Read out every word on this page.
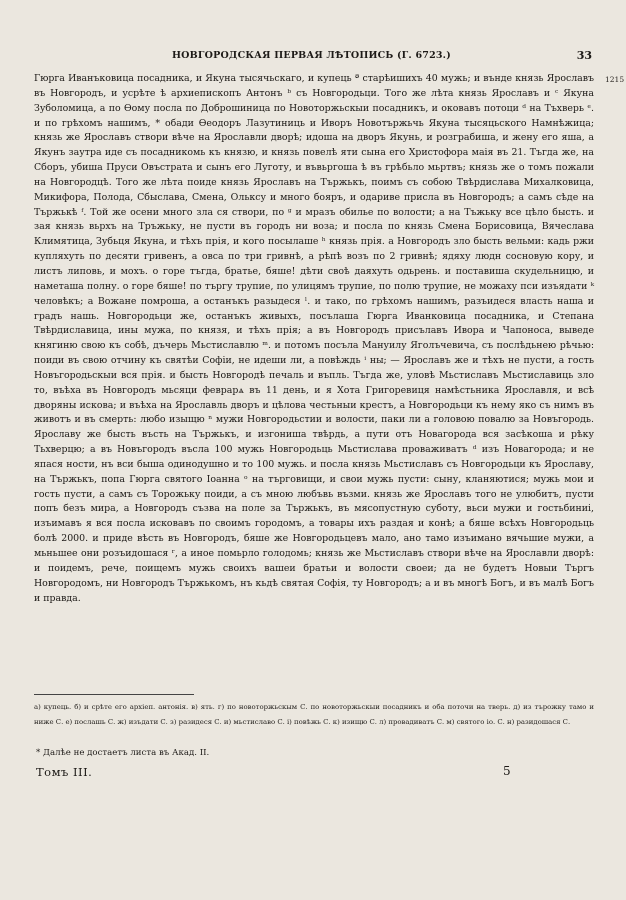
НОВГОРОДСКАЯ ПЕРВАЯ ЛѢТОПИСЬ (Г. 6723.)	33
1215

Гюрга Иванъковица посадника, и Якуна тысячьскаго, и купець ª старѣишихъ 40 мужь; и вънде князь Ярославъ въ Новгородъ, и усрѣте ѣ архиепископъ Антонъ ᵇ съ Новгородьци. Того же лѣта князь Ярославъ и ᶜ Якуна Зуболомица, а по Ѳому посла по Доброшиница по Новоторжьскыи посадникъ, и оковавъ потоци ᵈ на Тъхверь ᵉ. и по грѣхомъ нашимъ, * обади Ѳеодоръ Лазутиниць и Иворъ Новотържьчь Якуна тысяцьского Намнѣжица; князь же Ярославъ створи вѣче на Ярославли дворѣ; идоша на дворъ Якунь, и розграбиша, и жену его яша, а Якунъ заутра иде съ посадникомь къ князю, и князь повелѣ яти сына его Христофора маія въ 21. Тъгда же, на Сборъ, убиша Пруси Овъстрата и сынъ его Луготу, и въвьргоша ѣ въ грѣбьло мьртвъ; князь же о томъ пожали на Новгородцѣ. Того же лѣта поиде князь Ярославъ на Тържькъ, поимъ съ собою Твѣрдислава Михалковица, Микифора, Полода, Сбыслава, Смена, Ольксу и много бояръ, и одариве присла въ Новгородъ; а самъ сѣде на Тържькѣ ᶠ. Той же осени много зла ся створи, по ᵍ и мразъ обилье по волости; а на Тъжьку все цѣло бысть. и зая князь вьрхъ на Тръжьку, не пусти въ городъ ни воза; и посла по князь Смена Борисовица, Вячеслава Климятица, Зубьця Якуна, и тѣхъ прія, и кого посылаше ʰ князь прія. а Новгородъ зло бысть вельми: кадь ржи купляхуть по десяти гривенъ, а овса по три гривнѣ, а рѣпѣ возъ по 2 гривнѣ; ядяху людн сосновую кору, и листъ липовь, и мохъ. о горе тъгда, братье, бяше! дѣти своѣ даяхуть одьрень. и поставиша скудельницю, и наметаша полну. о горе бяше! по търгу трупие, по улицямъ трупие, по полю трупие, не можаху пси изъядати ᵏ человѣкъ; а Вожане помроша, а останъкъ разыдеся ˡ. и тако, по грѣхомъ нашимъ, разъидеся власть наша и градъ нашь. Новгородьци же, останъкъ живыхъ, посълаша Гюрга Иванковица посадника, и Степана Твѣрдиславица, ины мужа, по князя, и тѣхъ прія; а въ Новгородъ присълавъ Ивора и Чапоноса, выведе княгиню свою къ собѣ, дъчерь Мьстиславлю ᵐ. и потомъ посъла Мануилу Яголъчевича, съ послѣдьнею рѣчью: поиди въ свою отчину къ святѣи Софіи, не идеши ли, а повѣждь ⁱ ны; — Ярославъ же и тѣхъ не пусти, а гость Новъгородьскыи вся прія. и бысть Новгородѣ печаль и въпль. Тъгда же, уловѣ Мьстиславъ Мьстиславиць зло то, въѣха въ Новгородъ мьсяци феврарѧ въ 11 день, и я Хота Григоревиця намѣстьника Ярославля, и всѣ дворяны искова; и въѣха на Ярославль дворъ и цѣлова честьныи крестъ, а Новгородьци къ нему яко съ нимъ въ животъ и въ смерть: любо изыщю ⁿ мужи Новгородьстии и волости, паки ли а головою повалю за Новъгородь. Ярославу же бысть въсть на Тържькъ, и изгониша твѣрдь, а пути отъ Новагорода вся засѣкоша и рѣку Тьхверцю; а въ Новъгородъ въсла 100 мужь Новгородьць Мьстислава проваживатъ ᵈ изъ Новагорода; и не япася ности, нъ вси быша одинодушно и то 100 мужь. и посла князь Мьстиславъ съ Новгородьци къ Ярославу, на Тържькъ, попа Гюрга святого Іоанна ᵒ на търговищи, и свои мужь пусти: сыну, кланяютися; мужь мои и гость пусти, а самъ съ Торожьку поиди, а съ мною любъвь възми. князь же Ярославъ того не улюбитъ, пусти попъ безъ мира, а Новгородъ съзва на поле за Тържькъ, въ мясопустную суботу, вьси мужи и гостьбиниi, изъимавъ я вся посла исковавъ по своимъ городомъ, а товары ихъ раздая и конѣ; а бяше всѣхъ Новгородьць болѣ 2000. и приде вѣсть въ Новгородъ, бяше же Новгородьцевъ мало, ано тамо изъимано вячьшие мужи, а мьньшее они розъидошася ʳ, а иное помьрло голодомь; князь же Мьстиславъ створи вѣче на Ярославли дворѣ: и поидемъ, рече, поищемъ мужь своихъ вашеи братьи и волости своеи; да не будетъ Новыи Търгъ Новгородомъ, ни Новгородъ Тържькомъ, нъ кьдѣ святая Софія, ту Новгородъ; а и въ многѣ Богъ, и въ малѣ Богъ и правда.

а) купець. б) и срѣте его архіеп. антонія. в) ять. г) по новоторжьскым С. по новоторжьскыи посадникъ и оба поточи на тверь. д) из търожку тамо и ниже С. е) послашь С. ж) изъдати С. з) разидеся С. и) мьстиславо С. і) повѣжь С. к) изищю С. л) провадиватъ С. м) святого іо. С. н) разидошася С.

* Далѣе не достаетъ листа въ Акад. II.
Томъ III.	5
